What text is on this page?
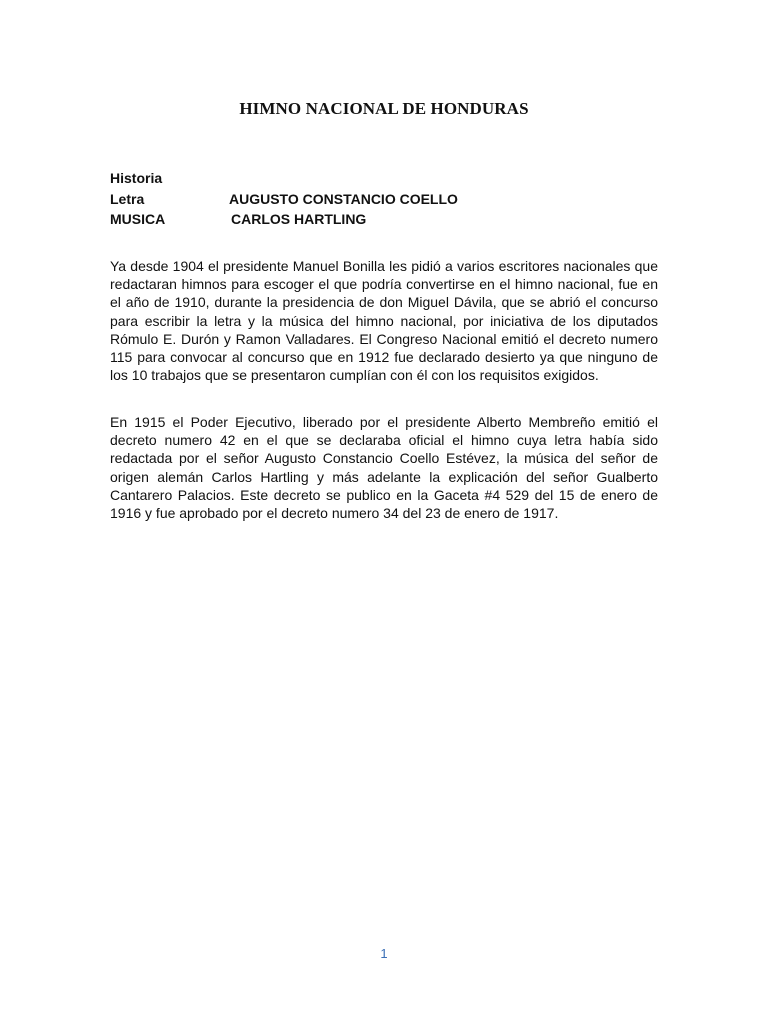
HIMNO NACIONAL DE HONDURAS
Historia
Letra	AUGUSTO CONSTANCIO COELLO
MUSICA	CARLOS HARTLING

Ya desde 1904 el presidente Manuel Bonilla les pidió a varios escritores nacionales que redactaran himnos para escoger el que podría convertirse en el himno nacional, fue en el año de 1910, durante la presidencia de don Miguel Dávila, que se abrió el concurso para escribir la letra y la música del himno nacional, por iniciativa de los diputados Rómulo E. Durón y Ramon Valladares. El Congreso Nacional emitió el decreto numero 115 para convocar al concurso que en 1912 fue declarado desierto ya que ninguno de los 10 trabajos que se presentaron cumplían con él con los requisitos exigidos.

En 1915 el Poder Ejecutivo, liberado por el presidente Alberto Membreño emitió el decreto numero 42 en el que se declaraba oficial el himno cuya letra había sido redactada por el señor Augusto Constancio Coello Estévez, la música del señor de origen alemán Carlos Hartling y más adelante la explicación del señor Gualberto Cantarero Palacios. Este decreto se publico en la Gaceta #4 529 del 15 de enero de 1916 y fue aprobado por el decreto numero 34 del 23 de enero de 1917.

1
